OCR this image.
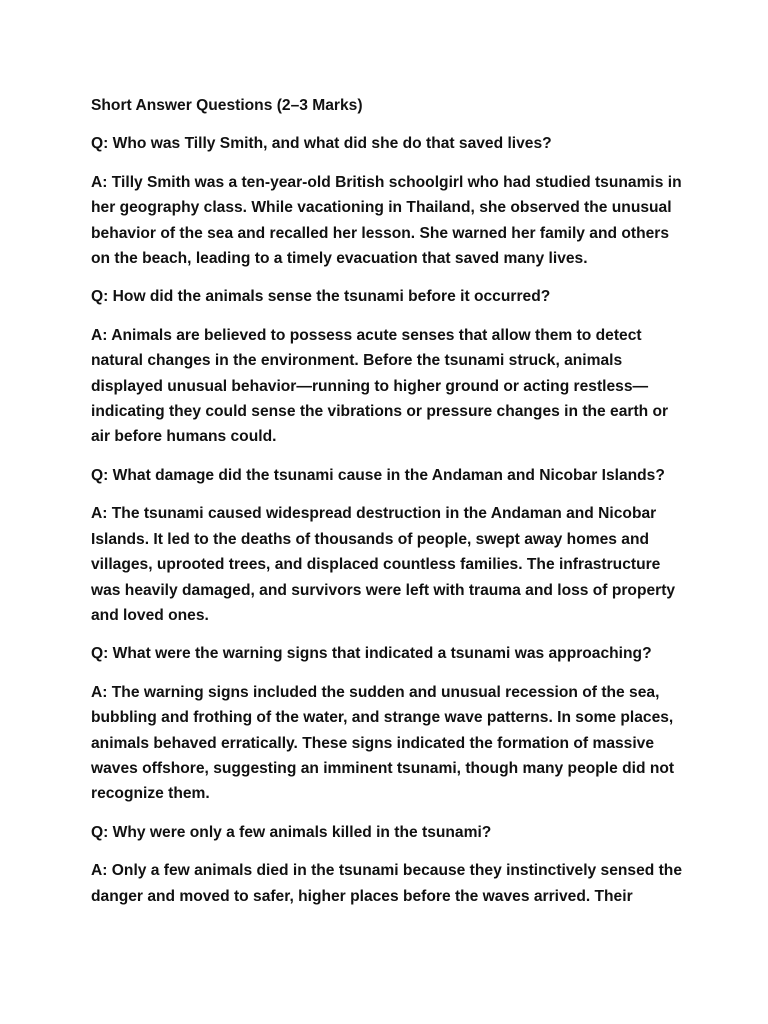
Short Answer Questions (2–3 Marks)

Q: Who was Tilly Smith, and what did she do that saved lives?

A: Tilly Smith was a ten-year-old British schoolgirl who had studied tsunamis in her geography class. While vacationing in Thailand, she observed the unusual behavior of the sea and recalled her lesson. She warned her family and others on the beach, leading to a timely evacuation that saved many lives.

Q: How did the animals sense the tsunami before it occurred?

A: Animals are believed to possess acute senses that allow them to detect natural changes in the environment. Before the tsunami struck, animals displayed unusual behavior—running to higher ground or acting restless—indicating they could sense the vibrations or pressure changes in the earth or air before humans could.

Q: What damage did the tsunami cause in the Andaman and Nicobar Islands?

A: The tsunami caused widespread destruction in the Andaman and Nicobar Islands. It led to the deaths of thousands of people, swept away homes and villages, uprooted trees, and displaced countless families. The infrastructure was heavily damaged, and survivors were left with trauma and loss of property and loved ones.

Q: What were the warning signs that indicated a tsunami was approaching?

A: The warning signs included the sudden and unusual recession of the sea, bubbling and frothing of the water, and strange wave patterns. In some places, animals behaved erratically. These signs indicated the formation of massive waves offshore, suggesting an imminent tsunami, though many people did not recognize them.

Q: Why were only a few animals killed in the tsunami?

A: Only a few animals died in the tsunami because they instinctively sensed the danger and moved to safer, higher places before the waves arrived. Their
